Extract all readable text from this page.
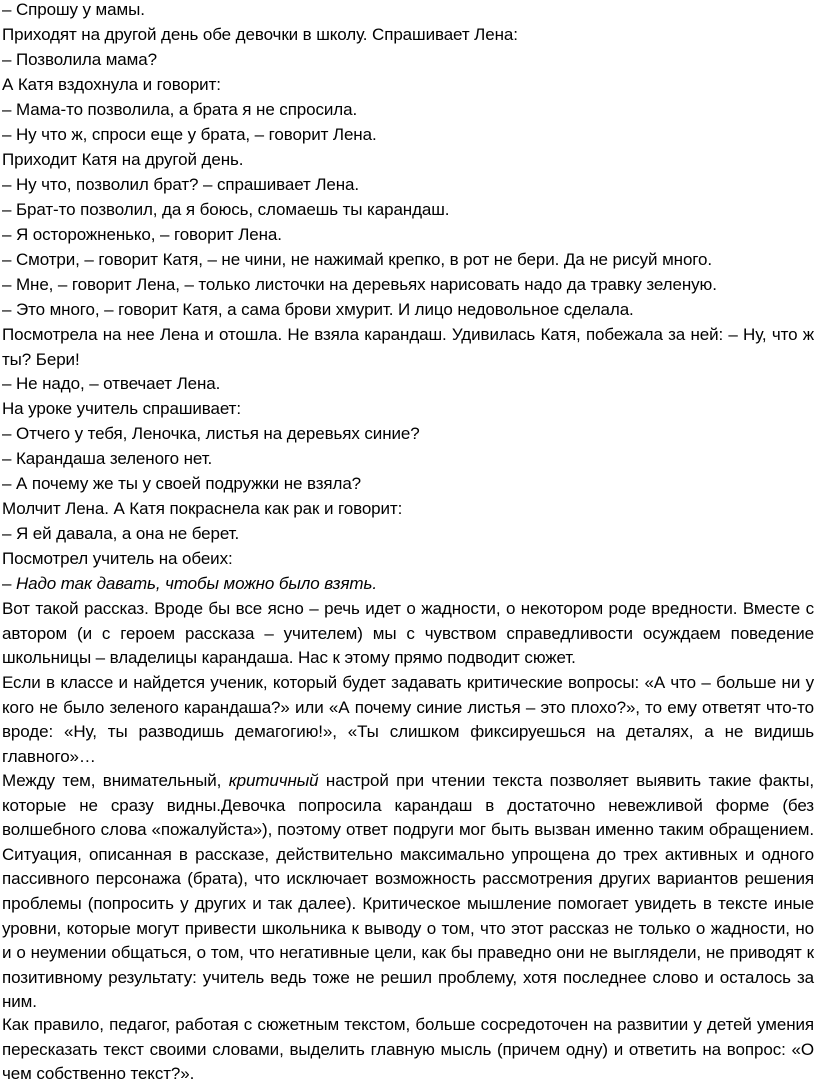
– Спрошу у мамы.

Приходят на другой день обе девочки в школу. Спрашивает Лена:

– Позволила мама?

А Катя вздохнула и говорит:

– Мама-то позволила, а брата я не спросила.

– Ну что ж, спроси еще у брата, – говорит Лена.

Приходит Катя на другой день.

– Ну что, позволил брат? – спрашивает Лена.

– Брат-то позволил, да я боюсь, сломаешь ты карандаш.

– Я осторожненько, – говорит Лена.

– Смотри, – говорит Катя, – не чини, не нажимай крепко, в рот не бери. Да не рисуй много.

– Мне, – говорит Лена, – только листочки на деревьях нарисовать надо да травку зеленую.

– Это много, – говорит Катя, а сама брови хмурит. И лицо недовольное сделала.

Посмотрела на нее Лена и отошла. Не взяла карандаш. Удивилась Катя, побежала за ней: – Ну, что ж ты? Бери!

– Не надо, – отвечает Лена.

На уроке учитель спрашивает:

– Отчего у тебя, Леночка, листья на деревьях синие?

– Карандаша зеленого нет.

– А почему же ты у своей подружки не взяла?

Молчит Лена. А Катя покраснела как рак и говорит:

– Я ей давала, а она не берет.

Посмотрел учитель на обеих:

– Надо так давать, чтобы можно было взять.

Вот такой рассказ. Вроде бы все ясно – речь идет о жадности, о некотором роде вредности. Вместе с автором (и с героем рассказа – учителем) мы с чувством справедливости осуждаем поведение школьницы – владелицы карандаша. Нас к этому прямо подводит сюжет.

Если в классе и найдется ученик, который будет задавать критические вопросы: «А что – больше ни у кого не было зеленого карандаша?» или «А почему синие листья – это плохо?», то ему ответят что-то вроде: «Ну, ты разводишь демагогию!», «Ты слишком фиксируешься на деталях, а не видишь главного»…

Между тем, внимательный, критичный настрой при чтении текста позволяет выявить такие факты, которые не сразу видны.Девочка попросила карандаш в достаточно невежливой форме (без волшебного слова «пожалуйста»), поэтому ответ подруги мог быть вызван именно таким обращением. Ситуация, описанная в рассказе, действительно максимально упрощена до трех активных и одного пассивного персонажа (брата), что исключает возможность рассмотрения других вариантов решения проблемы (попросить у других и так далее). Критическое мышление помогает увидеть в тексте иные уровни, которые могут привести школьника к выводу о том, что этот рассказ не только о жадности, но и о неумении общаться, о том, что негативные цели, как бы праведно они не выглядели, не приводят к позитивному результату: учитель ведь тоже не решил проблему, хотя последнее слово и осталось за ним.

Как правило, педагог, работая с сюжетным текстом, больше сосредоточен на развитии у детей умения пересказать текст своими словами, выделить главную мысль (причем одну) и ответить на вопрос: «О чем собственно текст?».
